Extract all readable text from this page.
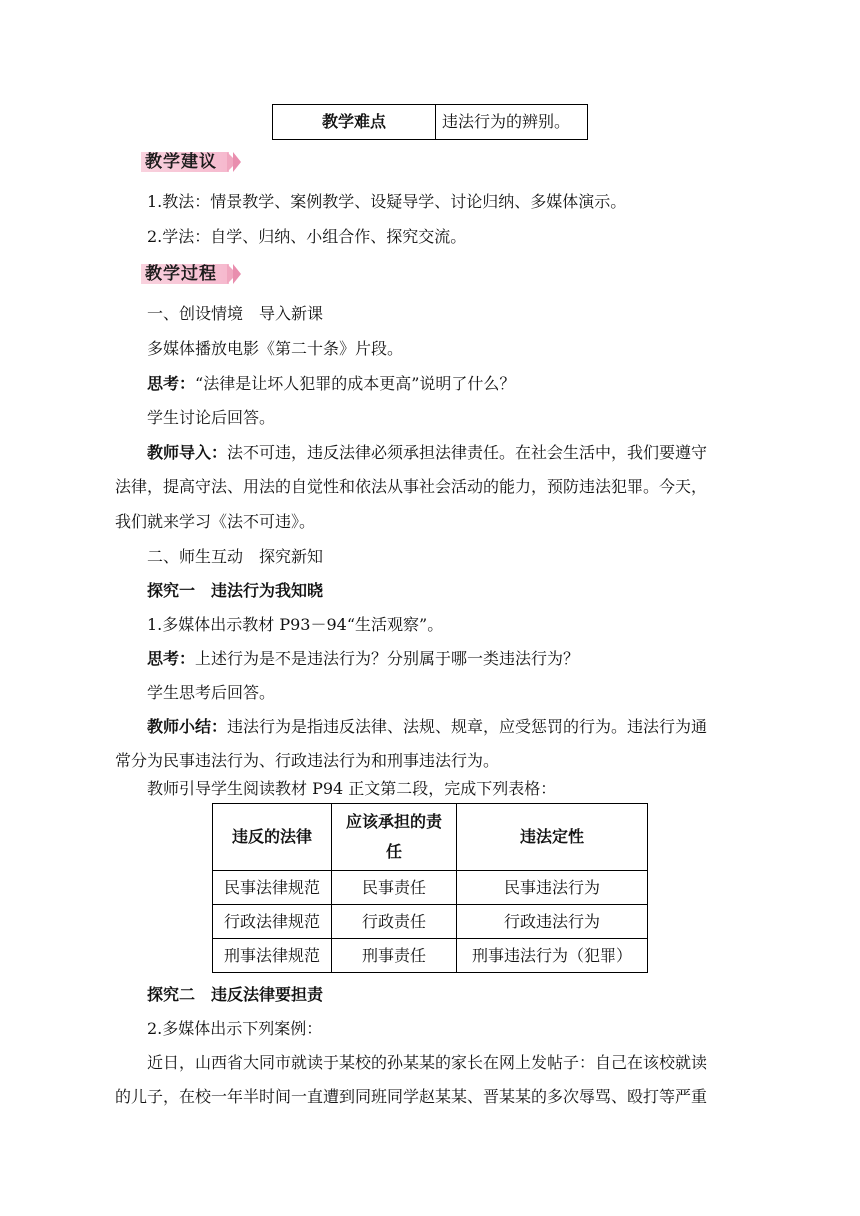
教学难点	违法行为的辨别。
教学建议
1.教法：情景教学、案例教学、设疑导学、讨论归纳、多媒体演示。
2.学法：自学、归纳、小组合作、探究交流。
教学过程
一、创设情境　导入新课
多媒体播放电影《第二十条》片段。
思考：“法律是让坏人犯罪的成本更高”说明了什么？
学生讨论后回答。
教师导入：法不可违，违反法律必须承担法律责任。在社会生活中，我们要遵守
法律，提高守法、用法的自觉性和依法从事社会活动的能力，预防违法犯罪。今天，
我们就来学习《法不可违》。
二、师生互动　探究新知
探究一　违法行为我知晓
1.多媒体出示教材 P93－94“生活观察”。
思考：上述行为是不是违法行为？分别属于哪一类违法行为？
学生思考后回答。
教师小结：违法行为是指违反法律、法规、规章，应受惩罚的行为。违法行为通
常分为民事违法行为、行政违法行为和刑事违法行为。
教师引导学生阅读教材 P94 正文第二段，完成下列表格：
违反的法律	应该承担的责任	违法定性
民事法律规范	民事责任	民事违法行为
行政法律规范	行政责任	行政违法行为
刑事法律规范	刑事责任	刑事违法行为（犯罪）
探究二　违反法律要担责
2.多媒体出示下列案例：
近日，山西省大同市就读于某校的孙某某的家长在网上发帖子：自己在该校就读
的儿子，在校一年半时间一直遭到同班同学赵某某、晋某某的多次辱骂、殴打等严重
